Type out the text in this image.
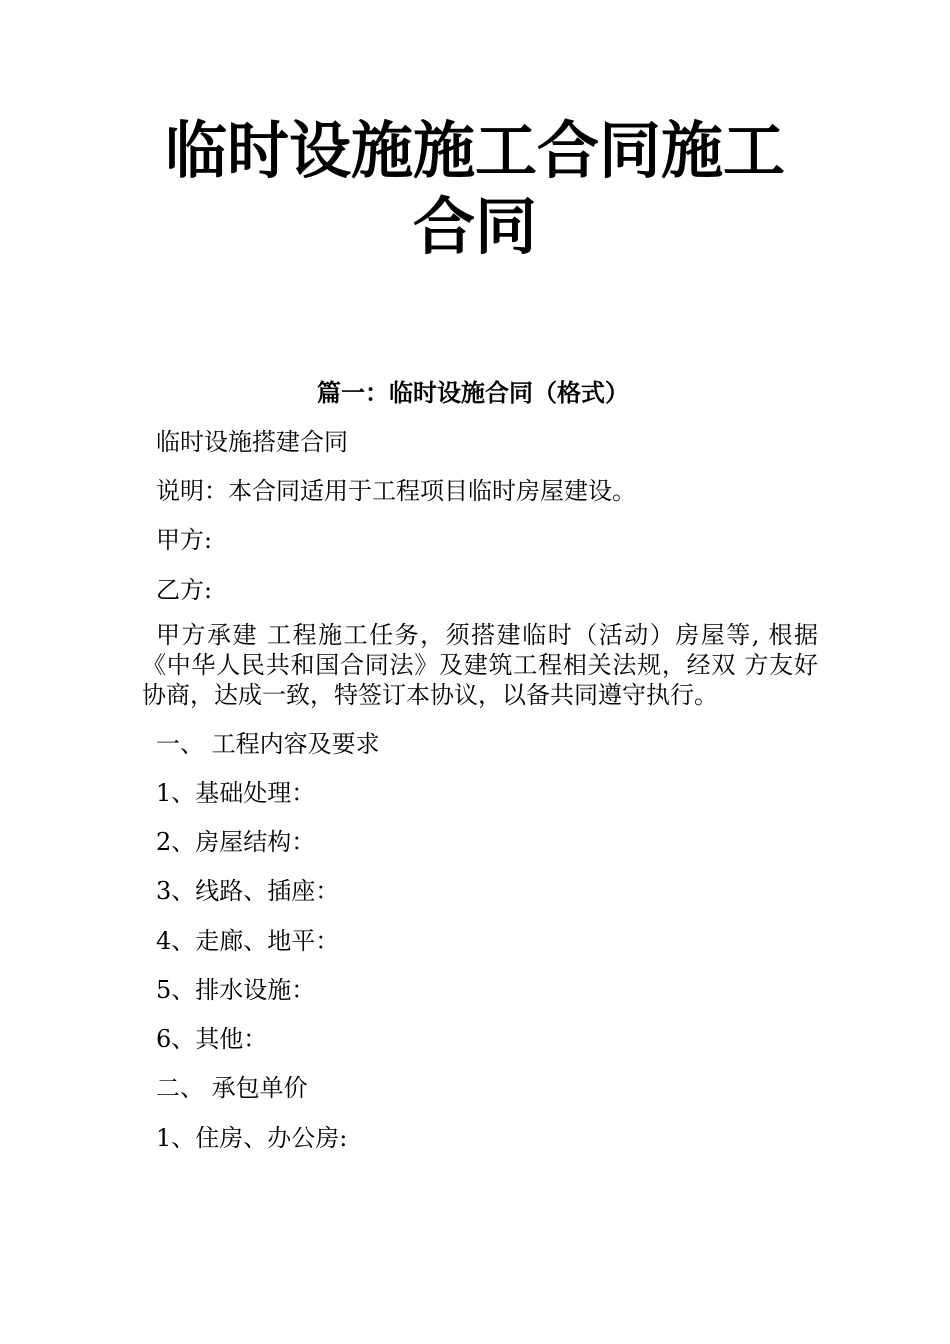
临时设施施工合同施工
合同
篇一：临时设施合同（格式）
临时设施搭建合同
说明：本合同适用于工程项目临时房屋建设。
甲方:
乙方:
甲方承建 工程施工任务，须搭建临时（活动）房屋等, 根据《中华人民共和国合同法》及建筑工程相关法规，经双 方友好协商，达成一致，特签订本协议，以备共同遵守执行。
一、 工程内容及要求
1、基础处理：
2、房屋结构：
3、线路、插座：
4、走廊、地平：
5、排水设施：
6、其他：
二、 承包单价
1、住房、办公房:
